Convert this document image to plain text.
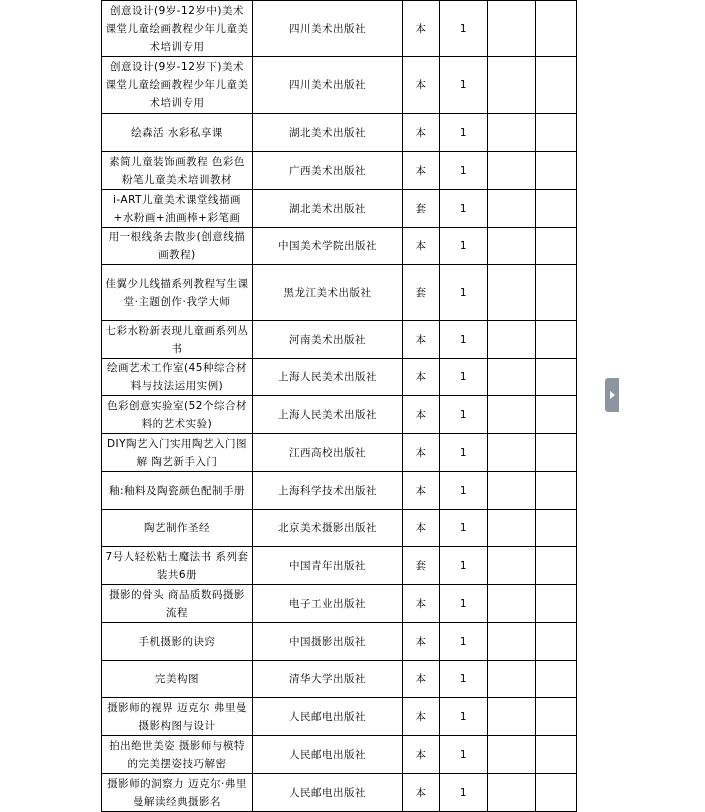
创意设计(9岁-12岁中)美术课堂儿童绘画教程少年儿童美术培训专用	四川美术出版社	本	1		
创意设计(9岁-12岁下)美术课堂儿童绘画教程少年儿童美术培训专用	四川美术出版社	本	1		
绘森活 水彩私享课	湖北美术出版社	本	1		
素简儿童装饰画教程 色彩色粉笔儿童美术培训教材	广西美术出版社	本	1		
i-ART儿童美术课堂线描画+水粉画+油画棒+彩笔画	湖北美术出版社	套	1		
用一根线条去散步(创意线描画教程)	中国美术学院出版社	本	1		
佳翼少儿线描系列教程写生课堂·主题创作·我学大师	黑龙江美术出版社	套	1		
七彩水粉新表现儿童画系列丛书	河南美术出版社	本	1		
绘画艺术工作室(45种综合材料与技法运用实例)	上海人民美术出版社	本	1		
色彩创意实验室(52个综合材料的艺术实验)	上海人民美术出版社	本	1		
DIY陶艺入门实用陶艺入门图解 陶艺新手入门	江西高校出版社	本	1		
釉:釉料及陶瓷颜色配制手册	上海科学技术出版社	本	1		
陶艺制作圣经	北京美术摄影出版社	本	1		
7号人轻松粘土魔法书 系列套装共6册	中国青年出版社	套	1		
摄影的骨头 商品质数码摄影流程	电子工业出版社	本	1		
手机摄影的诀窍	中国摄影出版社	本	1		
完美构图	清华大学出版社	本	1		
摄影师的视界 迈克尔 弗里曼摄影构图与设计	人民邮电出版社	本	1		
拍出绝世美姿 摄影师与模特的完美摆姿技巧解密	人民邮电出版社	本	1		
摄影师的洞察力 迈克尔·弗里曼解读经典摄影名	人民邮电出版社	本	1		
